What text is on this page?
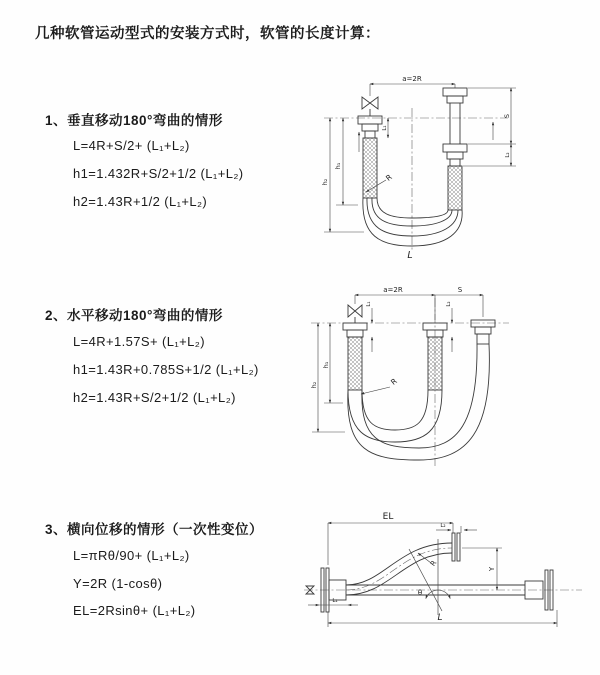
几种软管运动型式的安装方式时，软管的长度计算：
1、垂直移动180°弯曲的情形
L=4R+S/2+ (L₁+L₂)
h1=1.432R+S/2+1/2 (L₁+L₂)
h2=1.43R+1/2 (L₁+L₂)
2、水平移动180°弯曲的情形
L=4R+1.57S+ (L₁+L₂)
h1=1.43R+0.785S+1/2 (L₁+L₂)
h2=1.43R+S/2+1/2 (L₁+L₂)
3、横向位移的情形（一次性变位）
L=πRθ/90+ (L₁+L₂)
Y=2R (1-cosθ)
EL=2Rsinθ+ (L₁+L₂)
a=2R
h₁
h₂
L₁
S
L₂
R
L
a=2R	S
h₁
h₂
L₁	L₂
R
EL
L₂
Y
θ
R
L₁
L
